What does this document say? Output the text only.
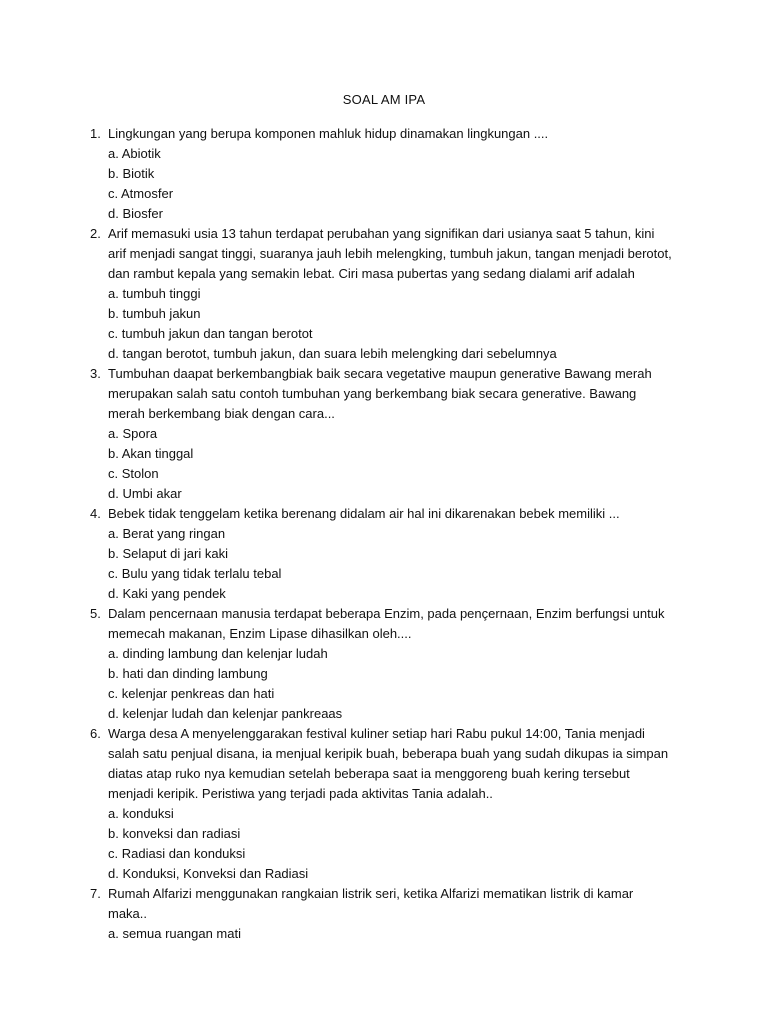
SOAL AM IPA
1. Lingkungan yang berupa komponen mahluk hidup dinamakan lingkungan ....
a. Abiotik
b. Biotik
c. Atmosfer
d. Biosfer
2. Arif memasuki usia 13 tahun terdapat perubahan yang signifikan dari usianya saat 5 tahun, kini arif menjadi sangat tinggi, suaranya jauh lebih melengking, tumbuh jakun, tangan menjadi berotot, dan rambut kepala yang semakin lebat. Ciri masa pubertas yang sedang dialami arif adalah
a. tumbuh tinggi
b. tumbuh jakun
c. tumbuh jakun dan tangan berotot
d. tangan berotot, tumbuh jakun, dan suara lebih melengking dari sebelumnya
3. Tumbuhan daapat berkembangbiak baik secara vegetative maupun generative Bawang merah merupakan salah satu contoh tumbuhan yang berkembang biak secara generative. Bawang merah berkembang biak dengan cara...
a. Spora
b. Akan tinggal
c. Stolon
d. Umbi akar
4. Bebek tidak tenggelam ketika berenang didalam air hal ini dikarenakan bebek memiliki ...
a. Berat yang ringan
b. Selaput di jari kaki
c. Bulu yang tidak terlalu tebal
d. Kaki yang pendek
5. Dalam pencernaan manusia terdapat beberapa Enzim, pada pençernaan, Enzim berfungsi untuk memecah makanan, Enzim Lipase dihasilkan oleh....
a. dinding lambung dan kelenjar ludah
b. hati dan dinding lambung
c. kelenjar penkreas dan hati
d. kelenjar ludah dan kelenjar pankreaas
6. Warga desa A menyelenggarakan festival kuliner setiap hari Rabu pukul 14:00, Tania menjadi salah satu penjual disana, ia menjual keripik buah, beberapa buah yang sudah dikupas ia simpan diatas atap ruko nya kemudian setelah beberapa saat ia menggoreng buah kering tersebut menjadi keripik. Peristiwa yang terjadi pada aktivitas Tania adalah..
a. konduksi
b. konveksi dan radiasi
c. Radiasi dan konduksi
d. Konduksi, Konveksi dan Radiasi
7. Rumah Alfarizi menggunakan rangkaian listrik seri, ketika Alfarizi mematikan listrik di kamar maka..
a. semua ruangan mati
